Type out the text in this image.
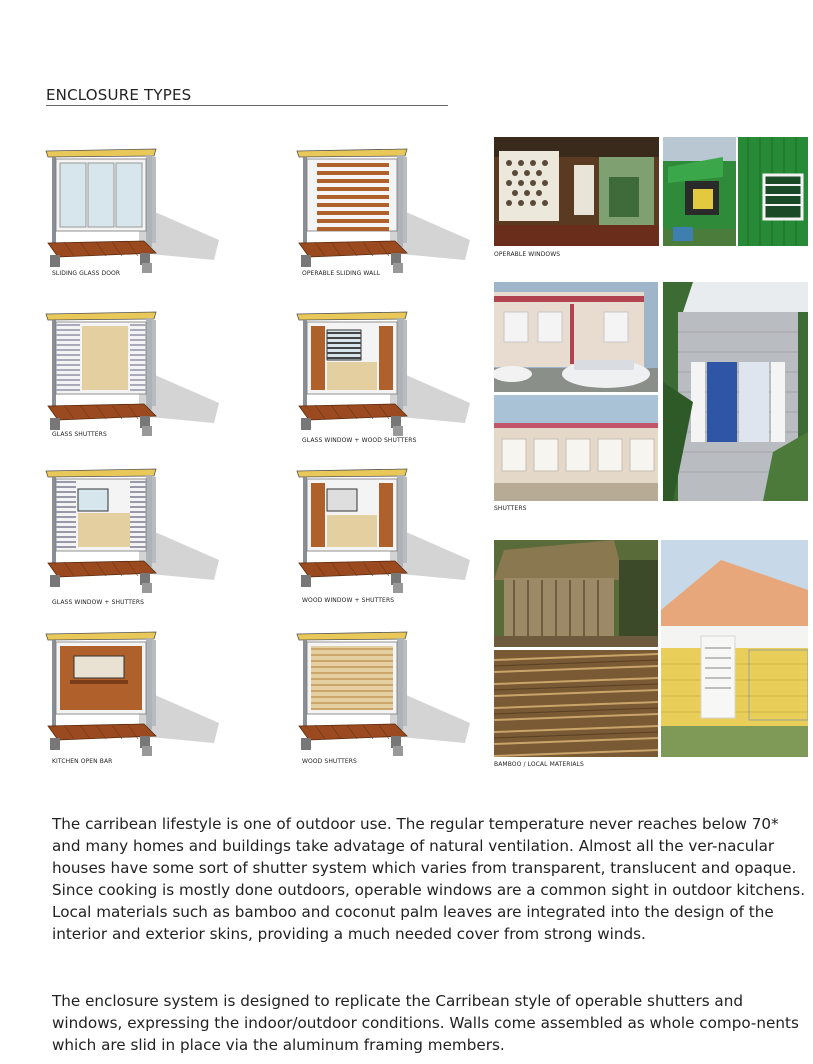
ENCLOSURE TYPES
SLIDING GLASS DOOR	OPERABLE SLIDING WALL
GLASS SHUTTERS
GLASS WINDOW + WOOD SHUTTERS
GLASS WINDOW + SHUTTERS	WOOD WINDOW + SHUTTERS
KITCHEN OPEN BAR	WOOD SHUTTERS
OPERABLE WINDOWS
SHUTTERS
BAMBOO / LOCAL MATERIALS

The carribean lifestyle is one of outdoor use. The regular temperature never reaches below 70* and many homes and buildings take advatage of natural ventilation. Almost all the ver-nacular houses have some sort of shutter system which varies from transparent, translucent and opaque. Since cooking is mostly done outdoors, operable windows are a common sight in outdoor kitchens. Local materials such as bamboo and coconut palm leaves are integrated into the design of the interior and exterior skins, providing a much needed cover from strong winds.

The enclosure system is designed to replicate the Carribean style of operable shutters and windows, expressing the indoor/outdoor conditions. Walls come assembled as whole compo-nents which are slid in place via the aluminum framing members.
